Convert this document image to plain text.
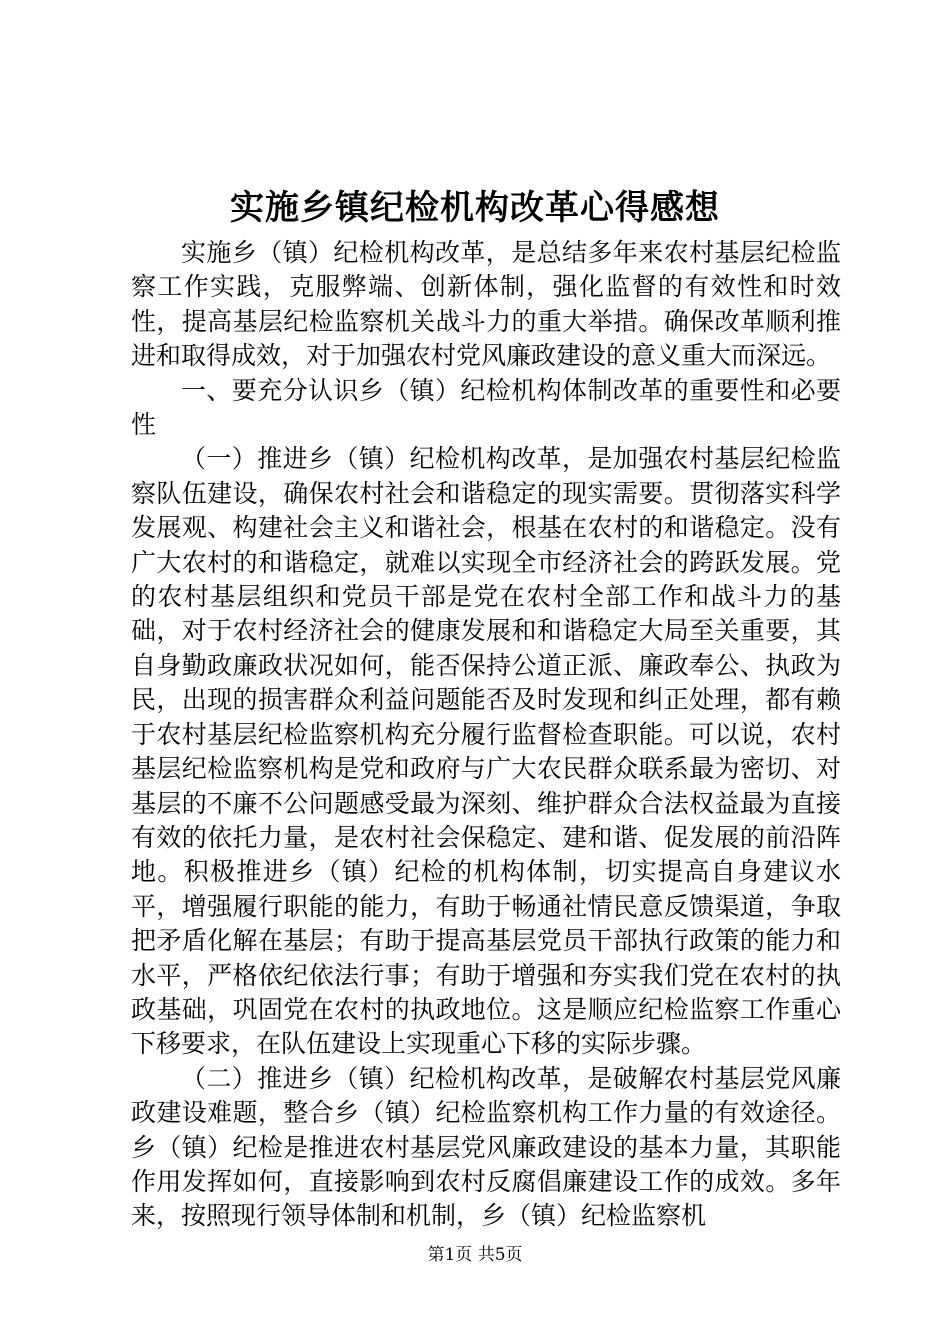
实施乡镇纪检机构改革心得感想

实施乡（镇）纪检机构改革，是总结多年来农村基层纪检监察工作实践，克服弊端、创新体制，强化监督的有效性和时效性，提高基层纪检监察机关战斗力的重大举措。确保改革顺利推进和取得成效，对于加强农村党风廉政建设的意义重大而深远。

一、要充分认识乡（镇）纪检机构体制改革的重要性和必要性

（一）推进乡（镇）纪检机构改革，是加强农村基层纪检监察队伍建设，确保农村社会和谐稳定的现实需要。贯彻落实科学发展观、构建社会主义和谐社会，根基在农村的和谐稳定。没有广大农村的和谐稳定，就难以实现全市经济社会的跨跃发展。党的农村基层组织和党员干部是党在农村全部工作和战斗力的基础，对于农村经济社会的健康发展和和谐稳定大局至关重要，其自身勤政廉政状况如何，能否保持公道正派、廉政奉公、执政为民，出现的损害群众利益问题能否及时发现和纠正处理，都有赖于农村基层纪检监察机构充分履行监督检查职能。可以说，农村基层纪检监察机构是党和政府与广大农民群众联系最为密切、对基层的不廉不公问题感受最为深刻、维护群众合法权益最为直接有效的依托力量，是农村社会保稳定、建和谐、促发展的前沿阵地。积极推进乡（镇）纪检的机构体制，切实提高自身建议水平，增强履行职能的能力，有助于畅通社情民意反馈渠道，争取把矛盾化解在基层；有助于提高基层党员干部执行政策的能力和水平，严格依纪依法行事；有助于增强和夯实我们党在农村的执政基础，巩固党在农村的执政地位。这是顺应纪检监察工作重心下移要求，在队伍建设上实现重心下移的实际步骤。

（二）推进乡（镇）纪检机构改革，是破解农村基层党风廉政建设难题，整合乡（镇）纪检监察机构工作力量的有效途径。乡（镇）纪检是推进农村基层党风廉政建设的基本力量，其职能作用发挥如何，直接影响到农村反腐倡廉建设工作的成效。多年来，按照现行领导体制和机制，乡（镇）纪检监察机

第1页 共5页
